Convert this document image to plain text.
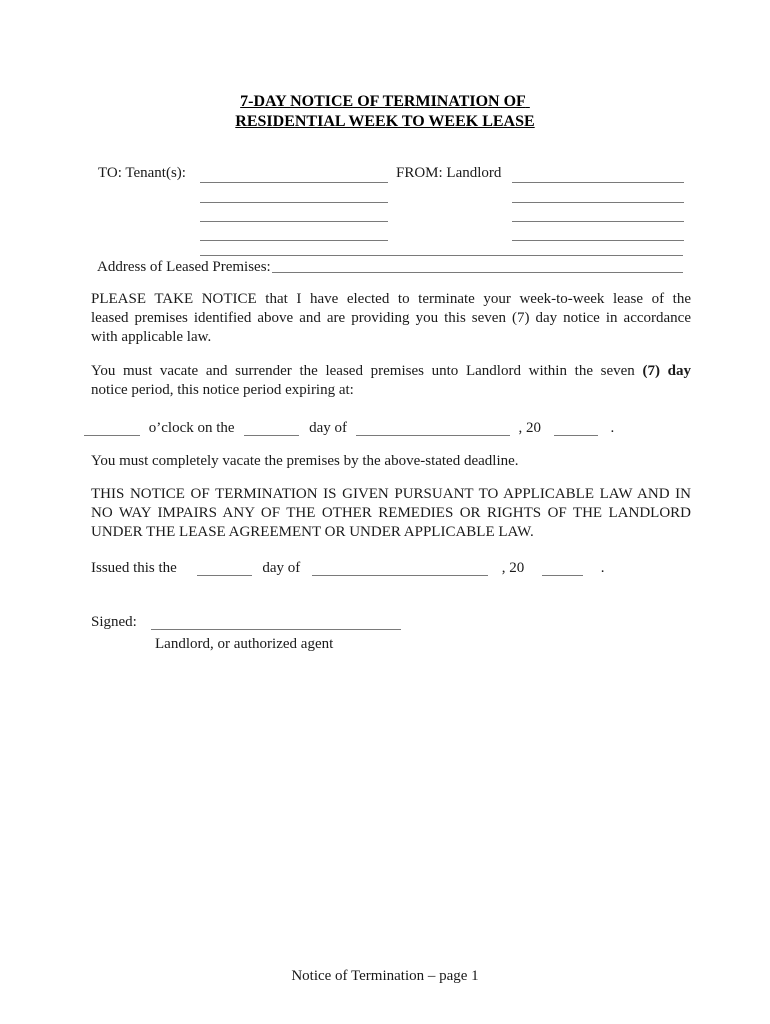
7-DAY NOTICE OF TERMINATION OF
RESIDENTIAL WEEK TO WEEK LEASE
TO: Tenant(s):	FROM: Landlord
Address of Leased Premises:
PLEASE TAKE NOTICE that I have elected to terminate your week-to-week lease of the
leased premises identified above and are providing you this seven (7) day notice in accordance
with applicable law.
You must vacate and surrender the leased premises unto Landlord within the seven (7) day
notice period, this notice period expiring at:
o’clock on the	day of	, 20	.
You must completely vacate the premises by the above-stated deadline.
THIS NOTICE OF TERMINATION IS GIVEN PURSUANT TO APPLICABLE LAW AND IN
NO WAY IMPAIRS ANY OF THE OTHER REMEDIES OR RIGHTS OF THE LANDLORD
UNDER THE LEASE AGREEMENT OR UNDER APPLICABLE LAW.
Issued this the	day of	, 20	.
Signed:
Landlord, or authorized agent
Notice of Termination – page 1
